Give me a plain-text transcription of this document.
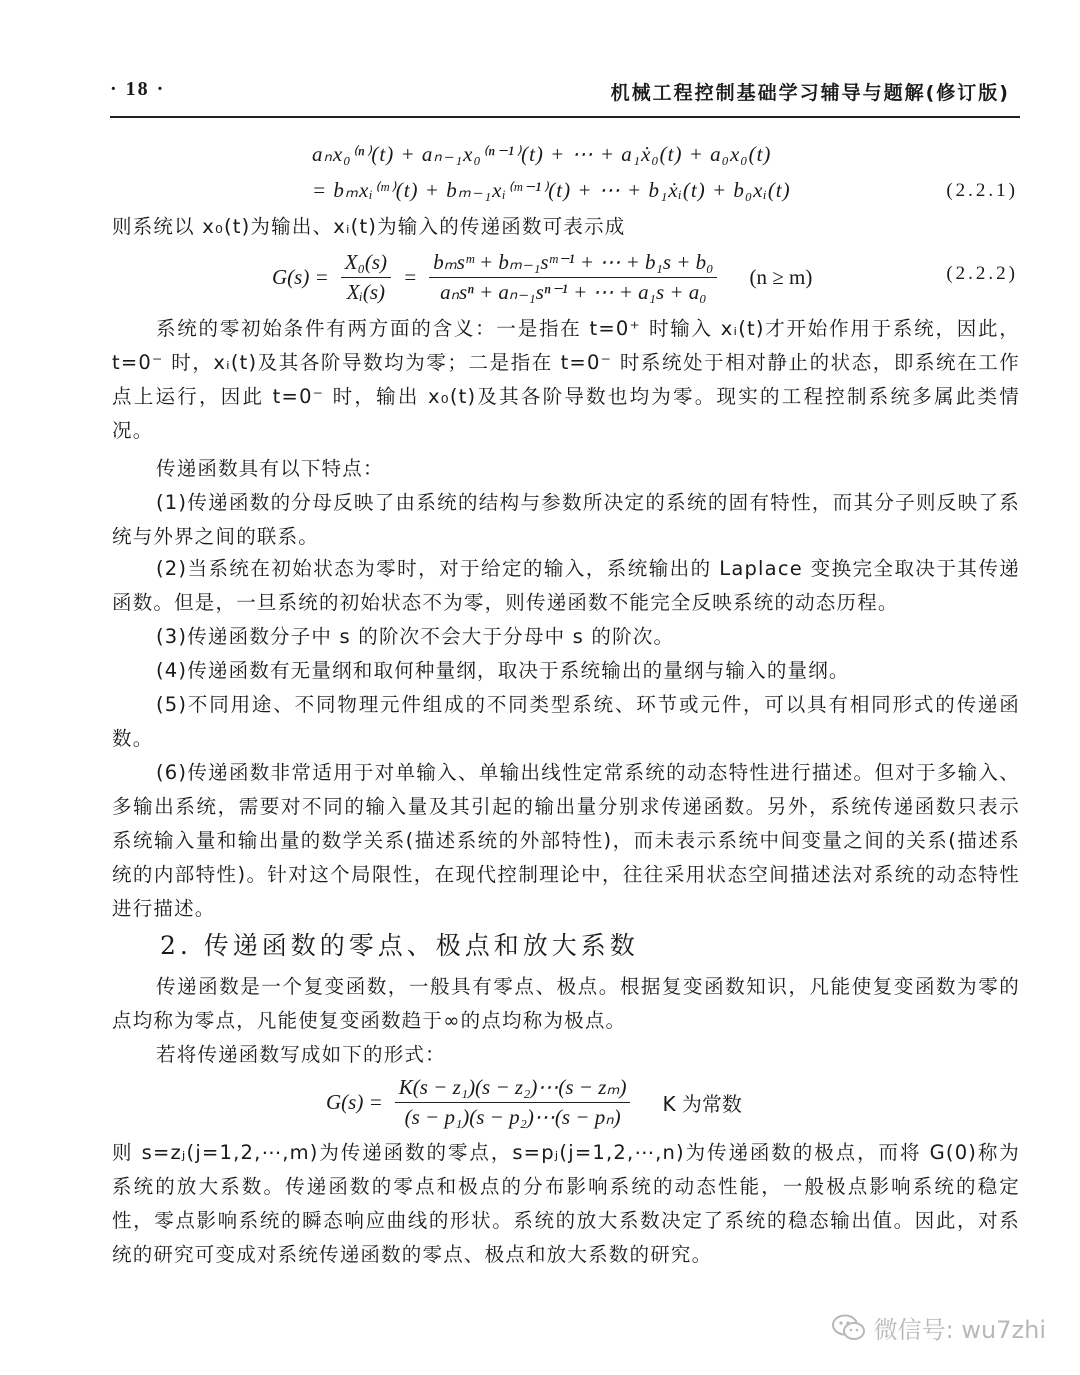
· 18 ·	机械工程控制基础学习辅导与题解(修订版)
aₙx₀⁽ⁿ⁾(t) + aₙ₋₁x₀⁽ⁿ⁻¹⁾(t) + ⋯ + a₁ẋ₀(t) + a₀x₀(t)
= bₘxᵢ⁽ᵐ⁾(t) + bₘ₋₁xᵢ⁽ᵐ⁻¹⁾(t) + ⋯ + b₁ẋᵢ(t) + b₀xᵢ(t)	(2.2.1)
则系统以 x₀(t)为输出、xᵢ(t)为输入的传递函数可表示成
$G(s) = \frac{\text{X₀(s)}}{\text{Xᵢ(s)}} = \frac{\text{bₘsᵐ + bₘ₋₁sᵐ⁻¹ + ⋯ + b₁s + b₀}}{\text{aₙsⁿ + aₙ₋₁sⁿ⁻¹ + ⋯ + a₁s + a₀}} (n \ge m)$	(2.2.2)
系统的零初始条件有两方面的含义：一是指在 t=0⁺ 时输入 xᵢ(t)才开始作用于系统，因此，t=0⁻ 时，xᵢ(t)及其各阶导数均为零；二是指在 t=0⁻ 时系统处于相对静止的状态，即系统在工作点上运行，因此 t=0⁻ 时，输出 x₀(t)及其各阶导数也均为零。现实的工程控制系统多属此类情况。
传递函数具有以下特点：
(1)传递函数的分母反映了由系统的结构与参数所决定的系统的固有特性，而其分子则反映了系统与外界之间的联系。
(2)当系统在初始状态为零时，对于给定的输入，系统输出的 Laplace 变换完全取决于其传递函数。但是，一旦系统的初始状态不为零，则传递函数不能完全反映系统的动态历程。
(3)传递函数分子中 s 的阶次不会大于分母中 s 的阶次。
(4)传递函数有无量纲和取何种量纲，取决于系统输出的量纲与输入的量纲。
(5)不同用途、不同物理元件组成的不同类型系统、环节或元件，可以具有相同形式的传递函数。
(6)传递函数非常适用于对单输入、单输出线性定常系统的动态特性进行描述。但对于多输入、多输出系统，需要对不同的输入量及其引起的输出量分别求传递函数。另外，系统传递函数只表示系统输入量和输出量的数学关系(描述系统的外部特性)，而未表示系统中间变量之间的关系(描述系统的内部特性)。针对这个局限性，在现代控制理论中，往往采用状态空间描述法对系统的动态特性进行描述。
2. 传递函数的零点、极点和放大系数
传递函数是一个复变函数，一般具有零点、极点。根据复变函数知识，凡能使复变函数为零的点均称为零点，凡能使复变函数趋于∞的点均称为极点。
若将传递函数写成如下的形式：
$G(s) = \frac{\text{K(s − z₁)(s − z₂)⋯(s − zₘ)}}{\text{(s − p₁)(s − p₂)⋯(s − pₙ)}}$ K 为常数
则 s=zⱼ(j=1,2,⋯,m)为传递函数的零点，s=pⱼ(j=1,2,⋯,n)为传递函数的极点，而将 G(0)称为系统的放大系数。传递函数的零点和极点的分布影响系统的动态性能，一般极点影响系统的稳定性，零点影响系统的瞬态响应曲线的形状。系统的放大系数决定了系统的稳态输出值。因此，对系统的研究可变成对系统传递函数的零点、极点和放大系数的研究。
微信号: wu7zhi
